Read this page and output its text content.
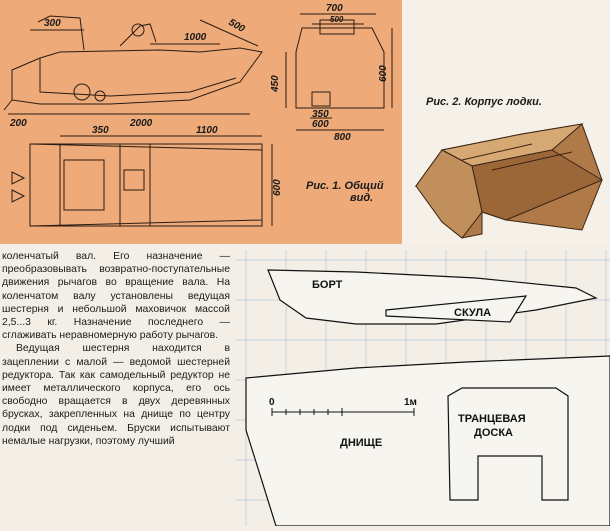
300
1000
500
200	2000
350	1100
600
700
500
450
600
350
600
800
Рис. 1. Общий
вид.
Рис. 2. Корпус лодки.

коленчатый вал. Его назначение — преобразовывать возвратно-поступательные движения рычагов во вращение вала. На коленчатом валу установлены ведущая шестерня и небольшой маховичок массой 2,5...3 кг. Назначение последнего — сглаживать неравномерную работу рычагов.

Ведущая шестерня находится в зацеплении с малой — ведомой шестерней редуктора. Так как самодельный редуктор не имеет металлического корпуса, его ось свободно вращается в двух деревянных брусках, закрепленных на днище по центру лодки под сиденьем. Бруски испытывают немалые нагрузки, поэтому лучший

БОРТ
СКУЛА
ДНИЩЕ
ТРАНЦЕВАЯ
ДОСКА
0	1м
